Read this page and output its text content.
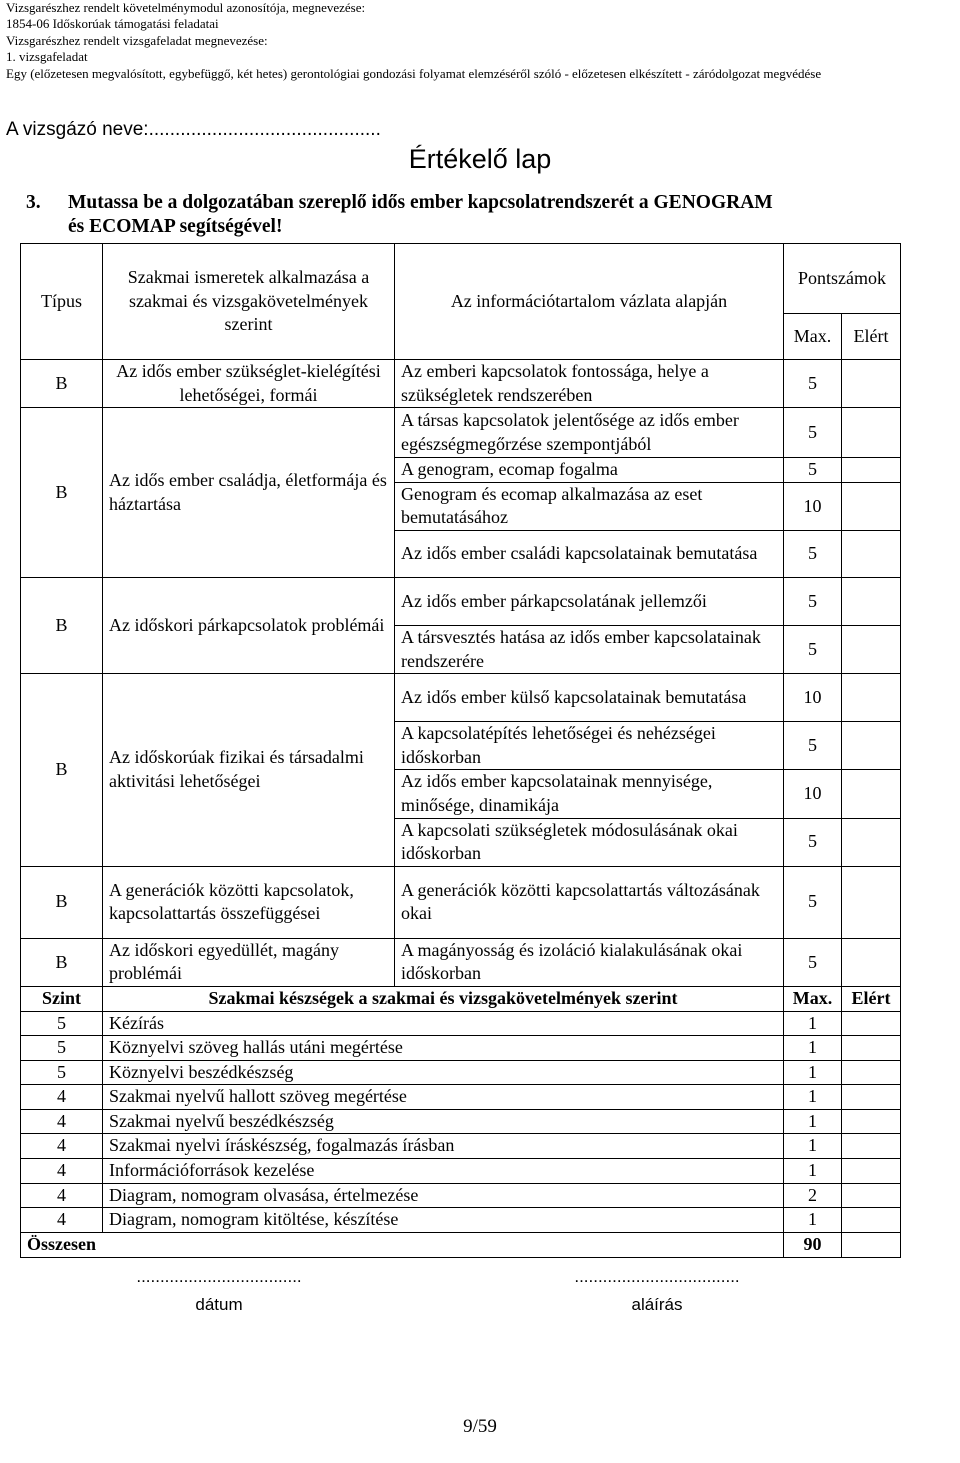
Vizsgarészhez rendelt követelménymodul azonosítója, megnevezése:
1854-06 Időskorúak támogatási feladatai
Vizsgarészhez rendelt vizsgafeladat megnevezése:
1. vizsgafeladat
Egy (előzetesen megvalósított, egybefüggő, két hetes) gerontológiai gondozási folyamat elemzéséről szóló - előzetesen elkészített - záródolgozat megvédése
A vizsgázó neve:............................................
Értékelő lap
3. Mutassa be a dolgozatában szereplő idős ember kapcsolatrendszerét a GENOGRAM
és ECOMAP segítségével!
Típus	Szakmai ismeretek alkalmazása a szakmai és vizsgakövetelmények szerint	Az információtartalom vázlata alapján	Pontszámok	
			Max.	Elért
B	Az idős ember szükséglet-kielégítési lehetőségei, formái	Az emberi kapcsolatok fontossága, helye a szükségletek rendszerében	5	
B	Az idős ember családja, életformája és háztartása	A társas kapcsolatok jelentősége az idős ember egészségmegőrzése szempontjából	5	
		A genogram, ecomap fogalma	5	
		Genogram és ecomap alkalmazása az eset bemutatásához	10	
		Az idős ember családi kapcsolatainak bemutatása	5	
B	Az időskori párkapcsolatok problémái	Az idős ember párkapcsolatának jellemzői	5	
		A társvesztés hatása az idős ember kapcsolatainak rendszerére	5	
B	Az időskorúak fizikai és társadalmi aktivitási lehetőségei	Az idős ember külső kapcsolatainak bemutatása	10	
		A kapcsolatépítés lehetőségei és nehézségei időskorban	5	
		Az idős ember kapcsolatainak mennyisége, minősége, dinamikája	10	
		A kapcsolati szükségletek módosulásának okai időskorban	5	
B	A generációk közötti kapcsolatok, kapcsolattartás összefüggései	A generációk közötti kapcsolattartás változásának okai	5	
B	Az időskori egyedüllét, magány problémái	A magányosság és izoláció kialakulásának okai időskorban	5	
Szint	Szakmai készségek a szakmai és vizsgakövetelmények szerint		Max.	Elért
5	Kézírás		1	
5	Köznyelvi szöveg hallás utáni megértése		1	
5	Köznyelvi beszédkészség		1	
4	Szakmai nyelvű hallott szöveg megértése		1	
4	Szakmai nyelvű beszédkészség		1	
4	Szakmai nyelvi íráskészség, fogalmazás írásban		1	
4	Információforrások kezelése		1	
4	Diagram, nomogram olvasása, értelmezése		2	
4	Diagram, nomogram kitöltése, készítése		1	
Összesen			90	
...................................
dátum
...................................
aláírás
9/59
